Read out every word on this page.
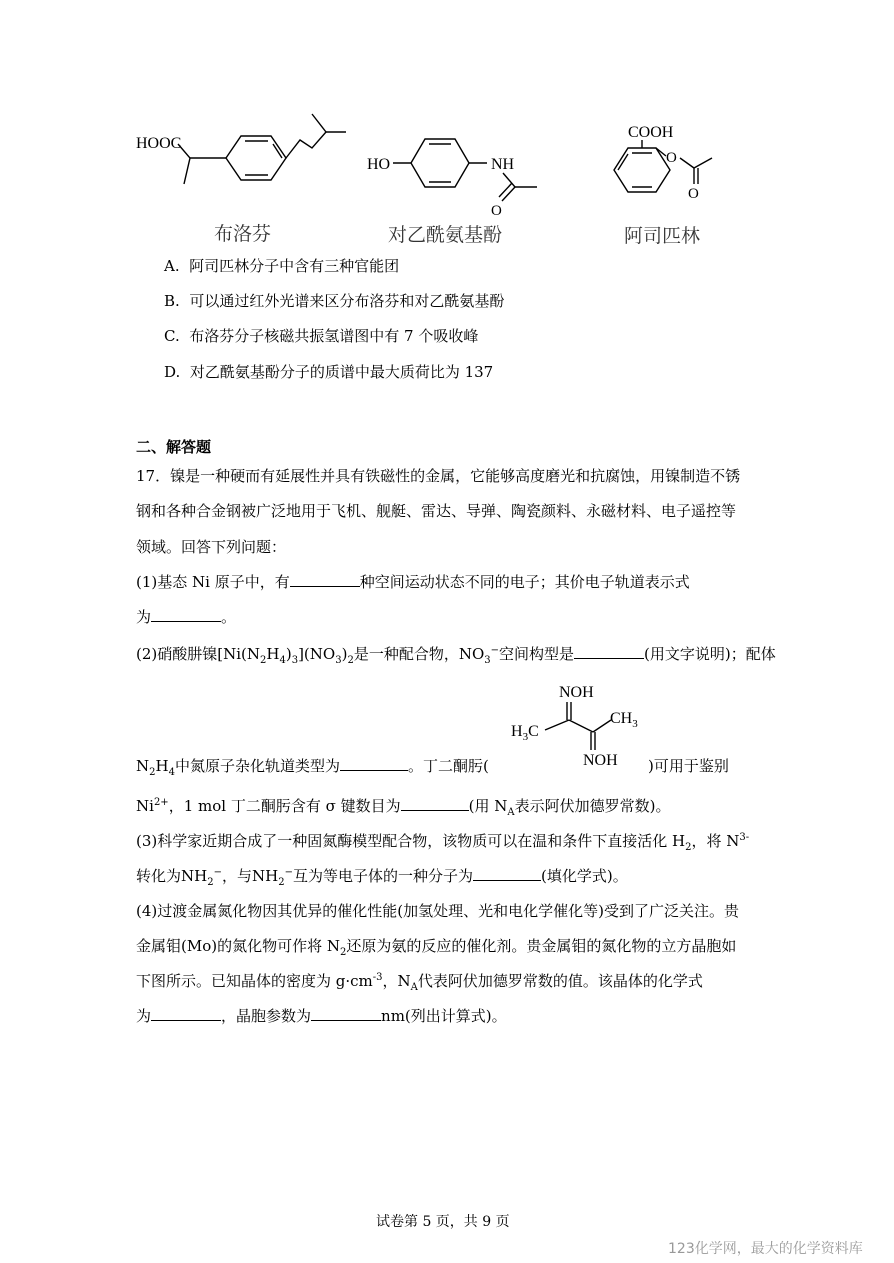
HOOC
布洛芬
HO	NH
O
对乙酰氨基酚
COOH
O
O
阿司匹林
A. 阿司匹林分子中含有三种官能团
B. 可以通过红外光谱来区分布洛芬和对乙酰氨基酚
C. 布洛芬分子核磁共振氢谱图中有 7 个吸收峰
D. 对乙酰氨基酚分子的质谱中最大质荷比为 137
二、解答题
17．镍是一种硬而有延展性并具有铁磁性的金属，它能够高度磨光和抗腐蚀，用镍制造不锈
钢和各种合金钢被广泛地用于飞机、舰艇、雷达、导弹、陶瓷颜料、永磁材料、电子遥控等
领域。回答下列问题：
(1)基态 Ni 原子中，有	种空间运动状态不同的电子；其价电子轨道表示式
为	。
(2)硝酸肼镍$[Ni(N_2H_4)_3](NO_3)_2$是一种配合物，$NO_3^-$空间构型是	(用文字说明)；配体
NOH
$CH_3$
$H_3C$
NOH
$N_2H_4$中氮原子杂化轨道类型为	。丁二酮肟(	)可用于鉴别
$Ni^{2+}$，1 mol 丁二酮肟含有 σ 键数目为	(用 $N_A$表示阿伏加德罗常数)。
(3)科学家近期合成了一种固氮酶模型配合物，该物质可以在温和条件下直接活化 $H_2$，将 $N^{3-}$
转化为$NH_2^-$，与$NH_2^-$互为等电子体的一种分子为	(填化学式)。
(4)过渡金属氮化物因其优异的催化性能(加氢处理、光和电化学催化等)受到了广泛关注。贵
金属钼(Mo)的氮化物可作将 $N_2$还原为氨的反应的催化剂。贵金属钼的氮化物的立方晶胞如
下图所示。已知晶体的密度为 $g\cdot cm^{-3}$，$N_A$代表阿伏加德罗常数的值。该晶体的化学式
为	，晶胞参数为	nm(列出计算式)。
试卷第 5 页，共 9 页
123化学网，最大的化学资料库
